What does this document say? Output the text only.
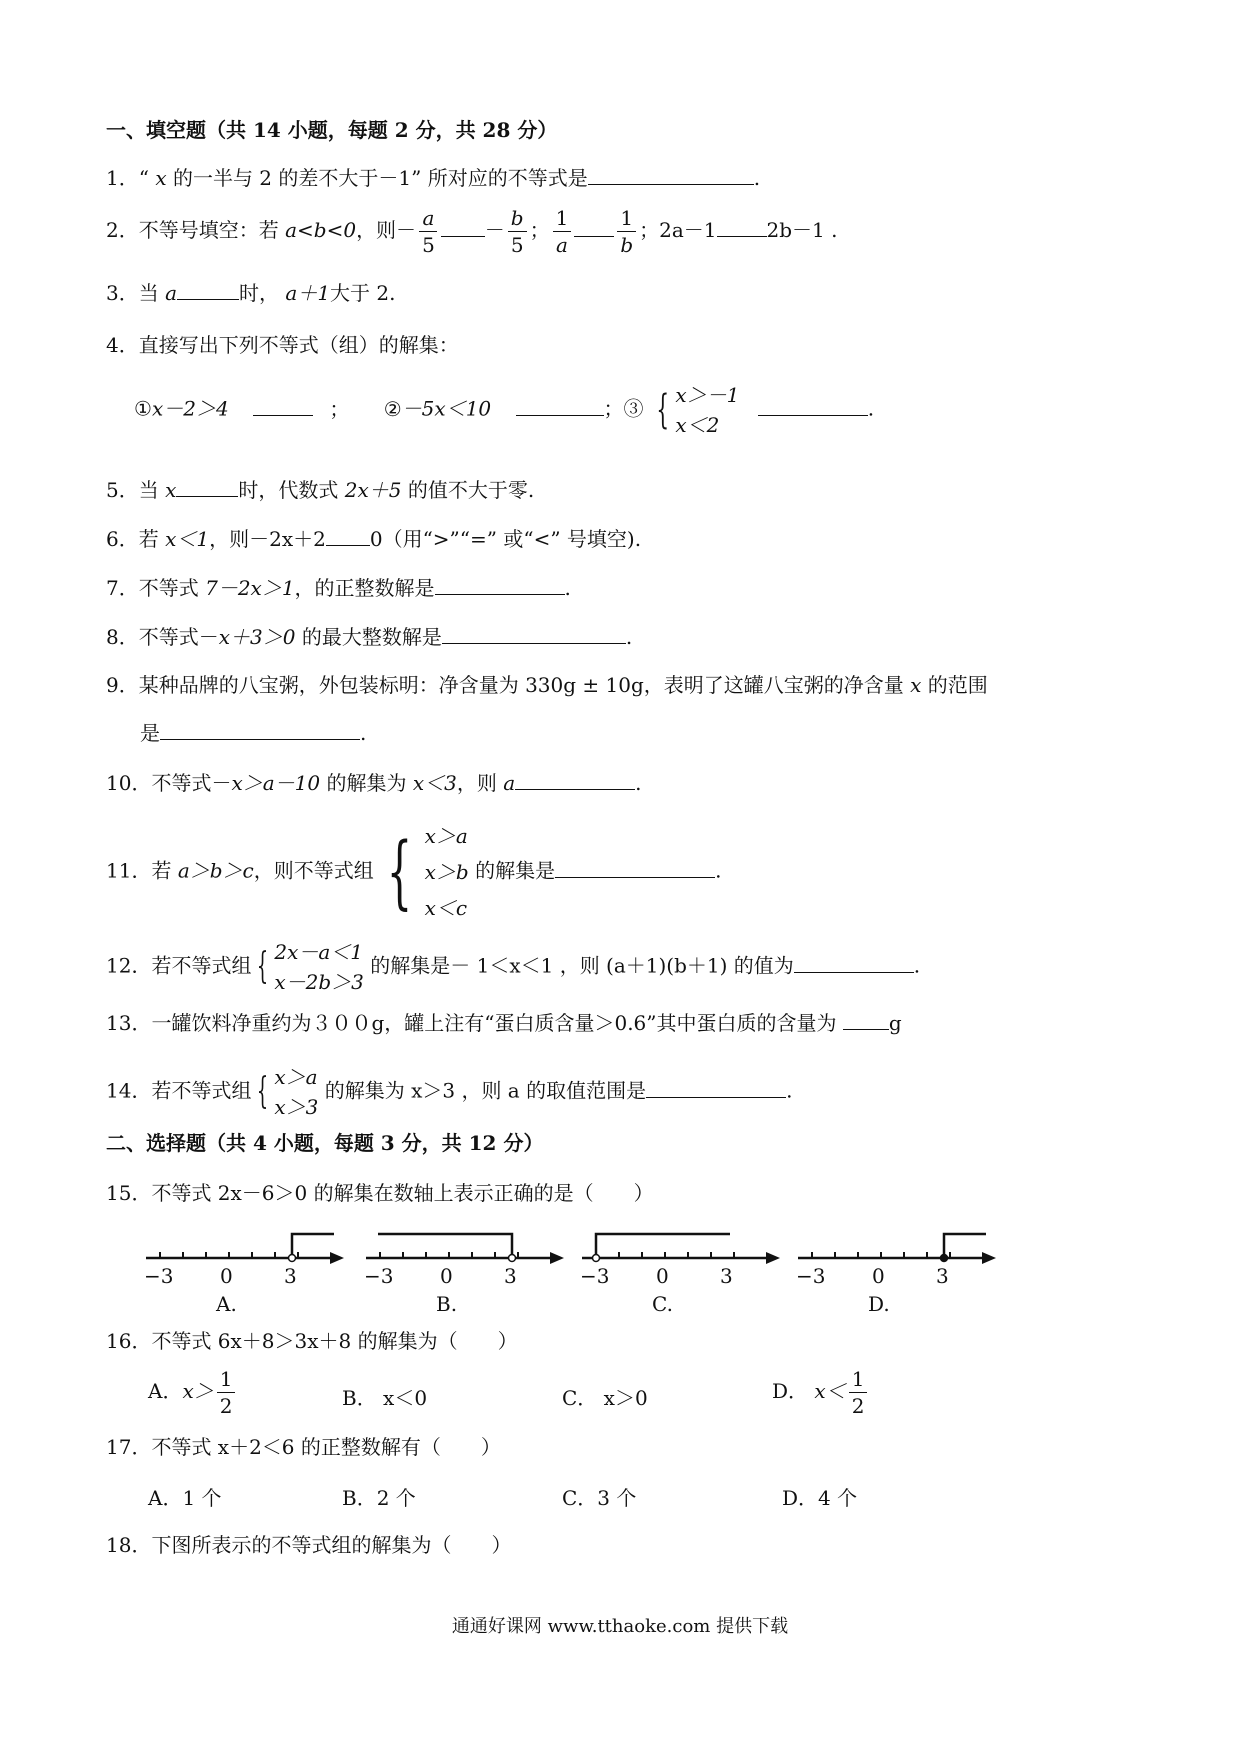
一、填空题（共 14 小题，每题 2 分，共 28 分）
1．“ x 的一半与 2 的差不大于－1” 所对应的不等式是	.
2．不等号填空：若 a<b<0，则－ $\frac{a}{5} - \frac{b}{5}$ ； $\frac{1}{a} \frac{1}{b}$ ；2a－1	2b－1 .
3．当 a	时， a＋1大于 2.
4．直接写出下列不等式（组）的解集：
①x－2＞4	； ②－5x＜10	；③ { x＞－1
x＜2
.
5．当 x	时，代数式 2x＋5 的值不大于零.
6．若 x＜1，则－2x＋2 0（用“>”“=” 或“<” 号填空).
7．不等式 7－2x＞1，的正整数解是	.
8．不等式－x＋3＞0 的最大整数解是	.
9．某种品牌的八宝粥，外包装标明：净含量为 330g ± 10g，表明了这罐八宝粥的净含量 x 的范围
是	.
10．不等式－x＞a－10 的解集为 x＜3，则 a	.
11．若 a＞b＞c，则不等式组 { x＞a
x＞b
x＜c
的解集是	.
12．若不等式组 { 2x－a＜1
x－2b＞3
的解集是－ 1＜x＜1 ，则 (a＋1)(b＋1) 的值为	.
13．一罐饮料净重约为３００g，罐上注有“蛋白质含量＞0.6”其中蛋白质的含量为 g
14．若不等式组 { x＞a
x＞3
的解集为 x＞3 ，则 a 的取值范围是	.
二、选择题（共 4 小题，每题 3 分，共 12 分）
15．不等式 2x－6＞0 的解集在数轴上表示正确的是（　　）
−3 0	3
A.
−3 0	3
B.
−3 0	3
C.
−3 0	3
D.
16．不等式 6x＋8＞3x＋8 的解集为（　　）
A．$x> \frac{1}{2}$	B． x＜0	C． x＞0	D． $x< \frac{1}{2}$
17．不等式 x＋2＜6 的正整数解有（　　）
A．1 个	B．2 个	C．3 个	D．4 个
18．下图所表示的不等式组的解集为（　　）
通通好课网 www.tthaoke.com 提供下载
